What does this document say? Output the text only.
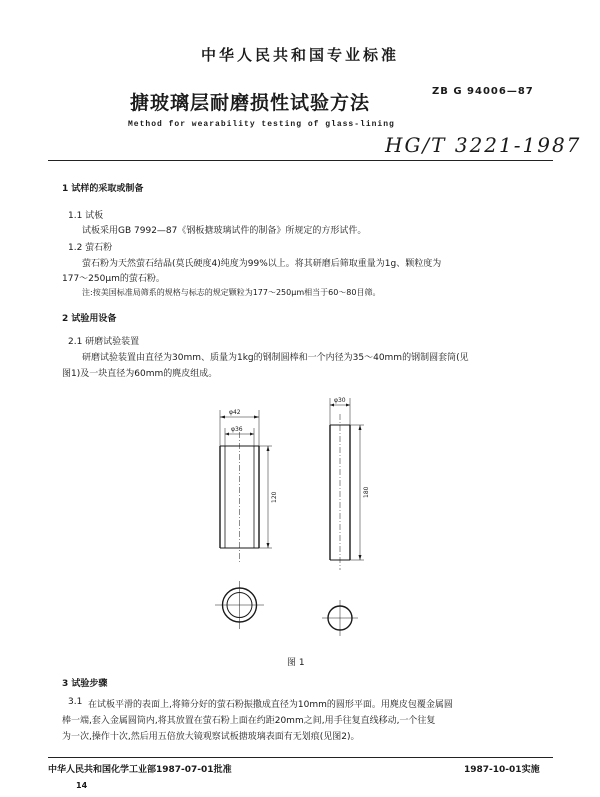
中华人民共和国专业标准
搪玻璃层耐磨损性试验方法
ZB G 94006—87
Method for wearability testing of glass-lining
HG/T 3221-1987
1 试样的采取或制备
1.1 试板
试板采用GB 7992—87《钢板搪玻璃试件的制备》所规定的方形试件。
1.2 萤石粉
萤石粉为天然萤石结晶(莫氏硬度4)纯度为99%以上。将其研磨后筛取重量为1g、颗粒度为
177～250μm的萤石粉。
注:按美国标准局筛系的规格与标志的规定颗粒为177～250μm相当于60～80目筛。
2 试验用设备
2.1 研磨试验装置
研磨试验装置由直径为30mm、质量为1kg的钢制圆棒和一个内径为35～40mm的钢制圆套筒(见
图1)及一块直径为60mm的麂皮组成。
φ42
φ36
120
φ30
180
图 1
3 试验步骤
3.1 在试板平滑的表面上,将筛分好的萤石粉振撒成直径为10mm的圆形平面。用麂皮包覆金属圆
棒一端,套入金属圆筒内,将其放置在萤石粉上面在约距20mm之间,用手往复直线移动,一个往复
为一次,操作十次,然后用五倍放大镜观察试板搪玻璃表面有无划痕(见图2)。
中华人民共和国化学工业部1987-07-01批准	1987-10-01实施
14
